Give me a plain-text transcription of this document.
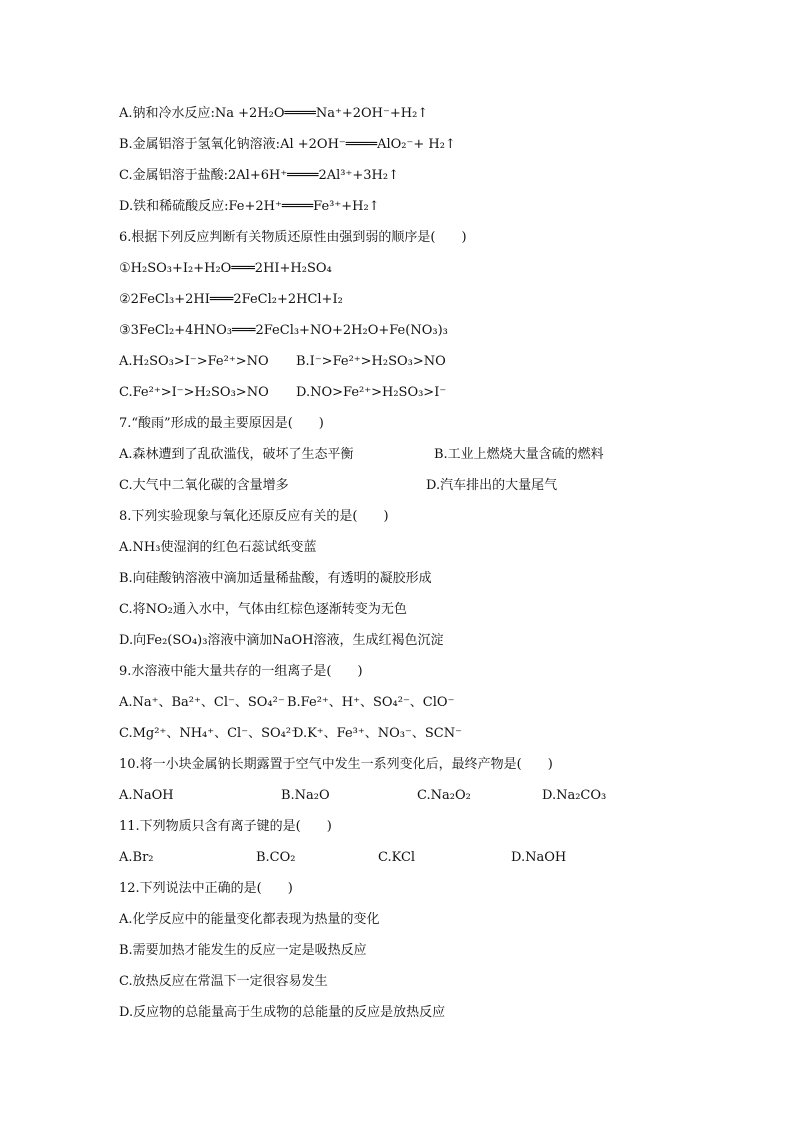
A.钠和冷水反应:Na +2H₂O════Na⁺+2OH⁻+H₂↑
B.金属铝溶于氢氧化钠溶液:Al +2OH⁻════AlO₂⁻+ H₂↑
C.金属铝溶于盐酸:2Al+6H⁺════2Al³⁺+3H₂↑
D.铁和稀硫酸反应:Fe+2H⁺════Fe³⁺+H₂↑
6.根据下列反应判断有关物质还原性由强到弱的顺序是(　　)
①H₂SO₃+I₂+H₂O═══2HI+H₂SO₄
②2FeCl₃+2HI═══2FeCl₂+2HCl+I₂
③3FeCl₂+4HNO₃═══2FeCl₃+NO+2H₂O+Fe(NO₃)₃
A.H₂SO₃>I⁻>Fe²⁺>NO B.I⁻>Fe²⁺>H₂SO₃>NO
C.Fe²⁺>I⁻>H₂SO₃>NO D.NO>Fe²⁺>H₂SO₃>I⁻
7.“酸雨”形成的最主要原因是(　　)
A.森林遭到了乱砍滥伐，破坏了生态平衡	B.工业上燃烧大量含硫的燃料
C.大气中二氧化碳的含量增多	D.汽车排出的大量尾气
8.下列实验现象与氧化还原反应有关的是(　　)
A.NH₃使湿润的红色石蕊试纸变蓝
B.向硅酸钠溶液中滴加适量稀盐酸，有透明的凝胶形成
C.将NO₂通入水中，气体由红棕色逐渐转变为无色
D.向Fe₂(SO₄)₃溶液中滴加NaOH溶液，生成红褐色沉淀
9.水溶液中能大量共存的一组离子是(　　)
A.Na⁺、Ba²⁺、Cl⁻、SO₄²⁻ B.Fe²⁺、H⁺、SO₄²⁻、ClO⁻
C.Mg²⁺、NH₄⁺、Cl⁻、SO₄²⁻
D.K⁺、Fe³⁺、NO₃⁻、SCN⁻
10.将一小块金属钠长期露置于空气中发生一系列变化后，最终产物是(　　)
A.NaOH	B.Na₂O	C.Na₂O₂	D.Na₂CO₃
11.下列物质只含有离子键的是(　　)
A.Br₂	B.CO₂	C.KCl	D.NaOH
12.下列说法中正确的是(　　)
A.化学反应中的能量变化都表现为热量的变化
B.需要加热才能发生的反应一定是吸热反应
C.放热反应在常温下一定很容易发生
D.反应物的总能量高于生成物的总能量的反应是放热反应
